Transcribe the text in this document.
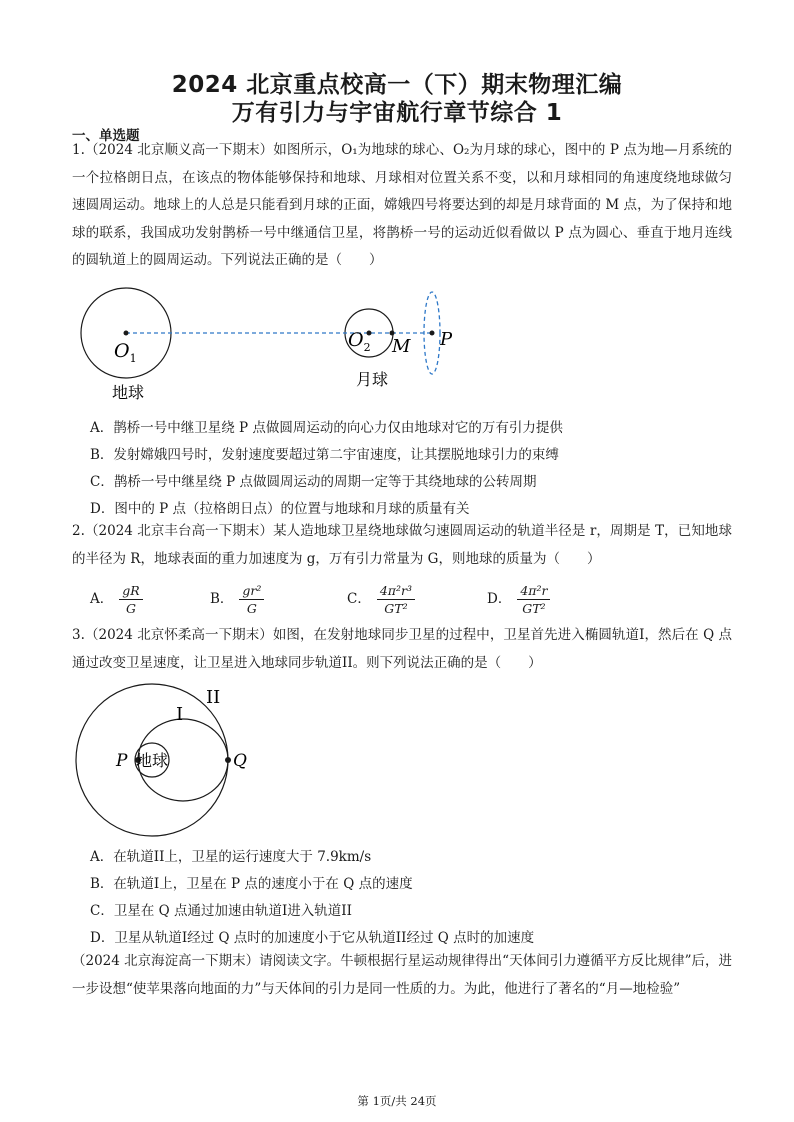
2024 北京重点校高一（下）期末物理汇编
万有引力与宇宙航行章节综合 1
一、单选题
1.（2024 北京顺义高一下期末）如图所示，O₁为地球的球心、O₂为月球的球心，图中的 P 点为地—月系统的一个拉格朗日点，在该点的物体能够保持和地球、月球相对位置关系不变，以和月球相同的角速度绕地球做匀速圆周运动。地球上的人总是只能看到月球的正面，嫦娥四号将要达到的却是月球背面的 M 点，为了保持和地球的联系，我国成功发射鹊桥一号中继通信卫星，将鹊桥一号的运动近似看做以 P 点为圆心、垂直于地月连线的圆轨道上的圆周运动。下列说法正确的是（　　）
$O_1$
$O_2$ M P
地球
月球
A．鹊桥一号中继卫星绕 P 点做圆周运动的向心力仅由地球对它的万有引力提供
B．发射嫦娥四号时，发射速度要超过第二宇宙速度，让其摆脱地球引力的束缚
C．鹊桥一号中继星绕 P 点做圆周运动的周期一定等于其绕地球的公转周期
D．图中的 P 点（拉格朗日点）的位置与地球和月球的质量有关
2.（2024 北京丰台高一下期末）某人造地球卫星绕地球做匀速圆周运动的轨道半径是 r，周期是 T，已知地球的半径为 R，地球表面的重力加速度为 g，万有引力常量为 G，则地球的质量为（　　）
A． $\frac{gR}{G}$	B． $\frac{\text{gr²}}{G}$	C． $\frac{\text{4π²r³}}{\text{GT²}}$	D． $\frac{\text{4π²r}}{\text{GT²}}$
3.（2024 北京怀柔高一下期末）如图，在发射地球同步卫星的过程中，卫星首先进入椭圆轨道I，然后在 Q 点通过改变卫星速度，让卫星进入地球同步轨道II。则下列说法正确的是（　　）
II
I
P	Q
地球
A．在轨道II上，卫星的运行速度大于 7.9km/s
B．在轨道I上，卫星在 P 点的速度小于在 Q 点的速度
C．卫星在 Q 点通过加速由轨道I进入轨道II
D．卫星从轨道I经过 Q 点时的加速度小于它从轨道II经过 Q 点时的加速度
（2024 北京海淀高一下期末）请阅读文字。牛顿根据行星运动规律得出“天体间引力遵循平方反比规律”后，进一步设想“使苹果落向地面的力”与天体间的引力是同一性质的力。为此，他进行了著名的“月—地检验”
第 1页/共 24页
